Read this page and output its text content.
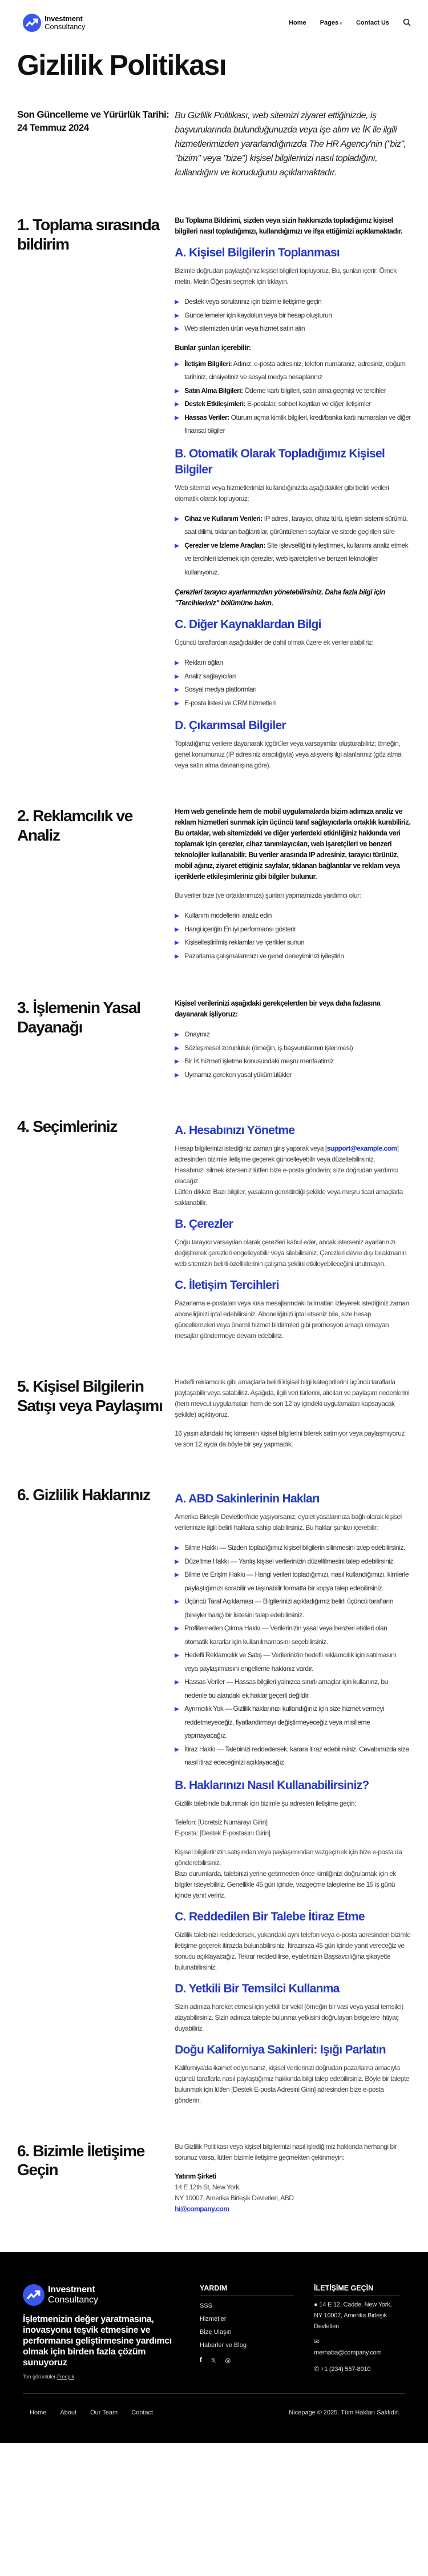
Investment
Consultancy	Home Pages∨ Contact Us
Gizlilik Politikası
Son Güncelleme ve Yürürlük Tarihi: 24 Temmuz 2024
Bu Gizlilik Politikası, web sitemizi ziyaret ettiğinizde, iş başvurularında bulunduğunuzda veya işe alım ve İK ile ilgili hizmetlerimizden yararlandığınızda The HR Agency'nin ("biz", "bizim" veya "bize") kişisel bilgilerinizi nasıl topladığını, kullandığını ve koruduğunu açıklamaktadır.
1. Toplama sırasında bildirim

Bu Toplama Bildirimi, sizden veya sizin hakkınızda topladığımız kişisel bilgileri nasıl topladığımızı, kullandığımızı ve ifşa ettiğimizi açıklamaktadır.

A. Kişisel Bilgilerin Toplanması

Bizimle doğrudan paylaştığınız kişisel bilgileri topluyoruz. Bu, şunları içerir: Örnek metin. Metin Öğesini seçmek için tıklayın.

Destek veya sorularınız için bizimle iletişime geçin
Güncellemeler için kaydolun veya bir hesap oluşturun
Web sitemizden ürün veya hizmet satın alın

Bunlar şunları içerebilir:

İletişim Bilgileri: Adınız, e-posta adresiniz, telefon numaranız, adresiniz, doğum tarihiniz, cinsiyetiniz ve sosyal medya hesaplarınız
Satın Alma Bilgileri: Ödeme kartı bilgileri, satın alma geçmişi ve tercihler
Destek Etkileşimleri: E-postalar, sohbet kayıtları ve diğer iletişimler
Hassas Veriler: Oturum açma kimlik bilgileri, kredi/banka kartı numaraları ve diğer finansal bilgiler
B. Otomatik Olarak Topladığımız Kişisel Bilgiler

Web sitemizi veya hizmetlerimizi kullandığınızda aşağıdakiler gibi belirli verileri otomatik olarak topluyoruz:

Cihaz ve Kullanım Verileri: IP adresi, tarayıcı, cihaz türü, işletim sistemi sürümü, saat dilimi, tıklanan bağlantılar, görüntülenen sayfalar ve sitede geçirilen süre
Çerezler ve İzleme Araçları: Site işlevselliğini iyileştirmek, kullanımı analiz etmek ve tercihleri izlemek için çerezler, web işaretçileri ve benzeri teknolojiler kullanıyoruz.

Çerezleri tarayıcı ayarlarınızdan yönetebilirsiniz. Daha fazla bilgi için "Tercihleriniz" bölümüne bakın.

C. Diğer Kaynaklardan Bilgi

Üçüncü taraflardan aşağıdakiler de dahil olmak üzere ek veriler alabiliriz:

Reklam ağları
Analiz sağlayıcıları
Sosyal medya platformları
E-posta listesi ve CRM hizmetleri
D. Çıkarımsal Bilgiler

Topladığımız verilere dayanarak içgörüler veya varsayımlar oluşturabiliriz; örneğin, genel konumunuz (IP adresiniz aracılığıyla) veya alışveriş ilgi alanlarınız (göz atma veya satın alma davranışına göre).

2. Reklamcılık ve Analiz

Hem web genelinde hem de mobil uygulamalarda bizim adımıza analiz ve reklam hizmetleri sunmak için üçüncü taraf sağlayıcılarla ortaklık kurabiliriz. Bu ortaklar, web sitemizdeki ve diğer yerlerdeki etkinliğiniz hakkında veri toplamak için çerezler, cihaz tanımlayıcıları, web işaretçileri ve benzeri teknolojiler kullanabilir. Bu veriler arasında IP adresiniz, tarayıcı türünüz, mobil ağınız, ziyaret ettiğiniz sayfalar, tıklanan bağlantılar ve reklam veya içeriklerle etkileşimleriniz gibi bilgiler bulunur.

Bu veriler bize (ve ortaklarımıza) şunları yapmamızda yardımcı olur:

Kullanım modellerini analiz edin
Hangi içeriğin En iyi performansı gösterir
Kişiselleştirilmiş reklamlar ve içerikler sunun
Pazarlama çalışmalarımızı ve genel deneyiminizi iyileştirin
3. İşlemenin Yasal Dayanağı

Kişisel verilerinizi aşağıdaki gerekçelerden bir veya daha fazlasına dayanarak işliyoruz:

Onayınız
Sözleşmesel zorunluluk (örneğin, iş başvurularının işlenmesi)
Bir İK hizmeti işletme konusundaki meşru menfaatimiz
Uymamız gereken yasal yükümlülükler
4. Seçimleriniz	A. Hesabınızı Yönetme

Hesap bilgilerinizi istediğiniz zaman giriş yaparak veya [support@example.com] adresinden bizimle iletişime geçerek güncelleyebilir veya düzeltebilirsiniz.
Hesabınızı silmek isterseniz lütfen bize e-posta gönderin; size doğrudan yardımcı olacağız.
Lütfen dikkat: Bazı bilgiler, yasaların gerektirdiği şekilde veya meşru ticari amaçlarla saklanabilir.

B. Çerezler

Çoğu tarayıcı varsayılan olarak çerezleri kabul eder, ancak isterseniz ayarlarınızı değiştirerek çerezleri engelleyebilir veya silebilirsiniz. Çerezleri devre dışı bırakmanın web sitemizin belirli özelliklerinin çalışma şeklini etkileyebileceğini unutmayın.

C. İletişim Tercihleri

Pazarlama e-postaları veya kısa mesajlarındaki talimatları izleyerek istediğiniz zaman aboneliğinizi iptal edebilirsiniz. Aboneliğinizi iptal etseniz bile, size hesap güncellemeleri veya önemli hizmet bildirimleri gibi promosyon amaçlı olmayan mesajlar göndermeye devam edebiliriz.

5. Kişisel Bilgilerin Satışı veya Paylaşımı

Hedefli reklamcılık gibi amaçlarla belirli kişisel bilgi kategorilerini üçüncü taraflarla paylaşabilir veya satabiliriz. Aşağıda, ilgili veri türlerini, alıcıları ve paylaşım nedenlerini (hem mevcut uygulamaları hem de son 12 ay içindeki uygulamaları kapsayacak şekilde) açıklıyoruz.

16 yaşın altındaki hiç kimsenin kişisel bilgilerini bilerek satmıyor veya paylaşmıyoruz ve son 12 ayda da böyle bir şey yapmadık.

6. Gizlilik Haklarınız	A. ABD Sakinlerinin Hakları

Amerika Birleşik Devletleri'nde yaşıyorsanız, eyalet yasalarınıza bağlı olarak kişisel verilerinizle ilgili belirli haklara sahip olabilirsiniz. Bu haklar şunları içerebilir:

Silme Hakkı — Sizden topladığımız kişisel bilgilerin silinmesini talep edebilirsiniz.
Düzeltme Hakkı — Yanlış kişisel verilerinizin düzeltilmesini talep edebilirsiniz.
Bilme ve Erişim Hakkı — Hangi verileri topladığımızı, nasıl kullandığımızı, kimlerle paylaştığımızı sorabilir ve taşınabilir formatta bir kopya talep edebilirsiniz.
Üçüncü Taraf Açıklaması — Bilgilerinizi açıkladığımız belirli üçüncü tarafların (bireyler hariç) bir listesini talep edebilirsiniz.
Profillemeden Çıkma Hakkı — Verilerinizin yasal veya benzeri etkileri olan otomatik kararlar için kullanılmamasını seçebilirsiniz.
Hedefli Reklamcılık ve Satış — Verilerinizin hedefli reklamcılık için satılmasını veya paylaşılmasını engelleme hakkınız vardır.
Hassas Veriler — Hassas bilgileri yalnızca sınırlı amaçlar için kullanırız, bu nedenle bu alandaki ek haklar geçerli değildir.
Ayrımcılık Yok — Gizlilik haklarınızı kullandığınız için size hizmet vermeyi reddetmeyeceğiz, fiyatlandırmayı değiştirmeyeceğiz veya misilleme yapmayacağız.
İtiraz Hakkı — Talebinizi reddedersek, karara itiraz edebilirsiniz. Cevabımızda size nasıl itiraz edeceğinizi açıklayacağız.
B. Haklarınızı Nasıl Kullanabilirsiniz?

Gizlilik talebinde bulunmak için bizimle şu adresten iletişime geçin:

Telefon: [Ücretsiz Numarayı Girin]
E-posta: [Destek E-postasını Girin]

Kişisel bilgilerinizin satışından veya paylaşımından vazgeçmek için bize e-posta da gönderebilirsiniz.
Bazı durumlarda, talebinizi yerine getirmeden önce kimliğinizi doğrulamak için ek bilgiler isteyebiliriz. Genellikle 45 gün içinde, vazgeçme taleplerine ise 15 iş günü içinde yanıt veririz.

C. Reddedilen Bir Talebe İtiraz Etme

Gizlilik talebinizi reddedersek, yukarıdaki aynı telefon veya e-posta adresinden bizimle iletişime geçerek itirazda bulunabilirsiniz. İtirazınıza 45 gün içinde yanıt vereceğiz ve sonucu açıklayacağız. Tekrar reddedilirse, eyaletinizin Başsavcılığına şikayette bulunabilirsiniz.

D. Yetkili Bir Temsilci Kullanma

Sizin adınıza hareket etmesi için yetkili bir vekil (örneğin bir vasi veya yasal temsilci) atayabilirsiniz. Sizin adınıza talepte bulunma yetkisini doğrulayan belgelere ihtiyaç duyabiliriz.

Doğu Kaliforniya Sakinleri: Işığı Parlatın

Kaliforniya'da ikamet ediyorsanız, kişisel verilerinizi doğrudan pazarlama amacıyla üçüncü taraflarla nasıl paylaştığımız hakkında bilgi talep edebilirsiniz. Böyle bir talepte bulunmak için lütfen [Destek E-posta Adresini Girin] adresinden bize e-posta gönderin.

6. Bizimle İletişime Geçin

Bu Gizlilik Politikası veya kişisel bilgilerinizi nasıl işlediğimiz hakkında herhangi bir sorunuz varsa, lütfen bizimle iletişime geçmekten çekinmeyin:

Yatırım Şirketi
14 E 12th St, New York,
NY 10007, Amerika Birleşik Devletleri, ABD
hi@company.com

Investment
Consultancy
İşletmenizin değer yaratmasına, inovasyonu teşvik etmesine ve performansı geliştirmesine yardımcı olmak için birden fazla çözüm sunuyoruz
Ten görüntüler Freepik
YARDIM
SSS
Hizmetler
Bize Ulaşın
Haberler ve Blog
f 𝕏 ◎
İLETİŞİME GEÇİN
● 14 E 12. Cadde, New York, NY 10007, Amerika Birleşik Devletleri
✉
merhaba@company.com
✆ +1 (234) 567-8910
Home About Our Team Contact	Nicepage © 2025. Tüm Hakları Saklıdır.
